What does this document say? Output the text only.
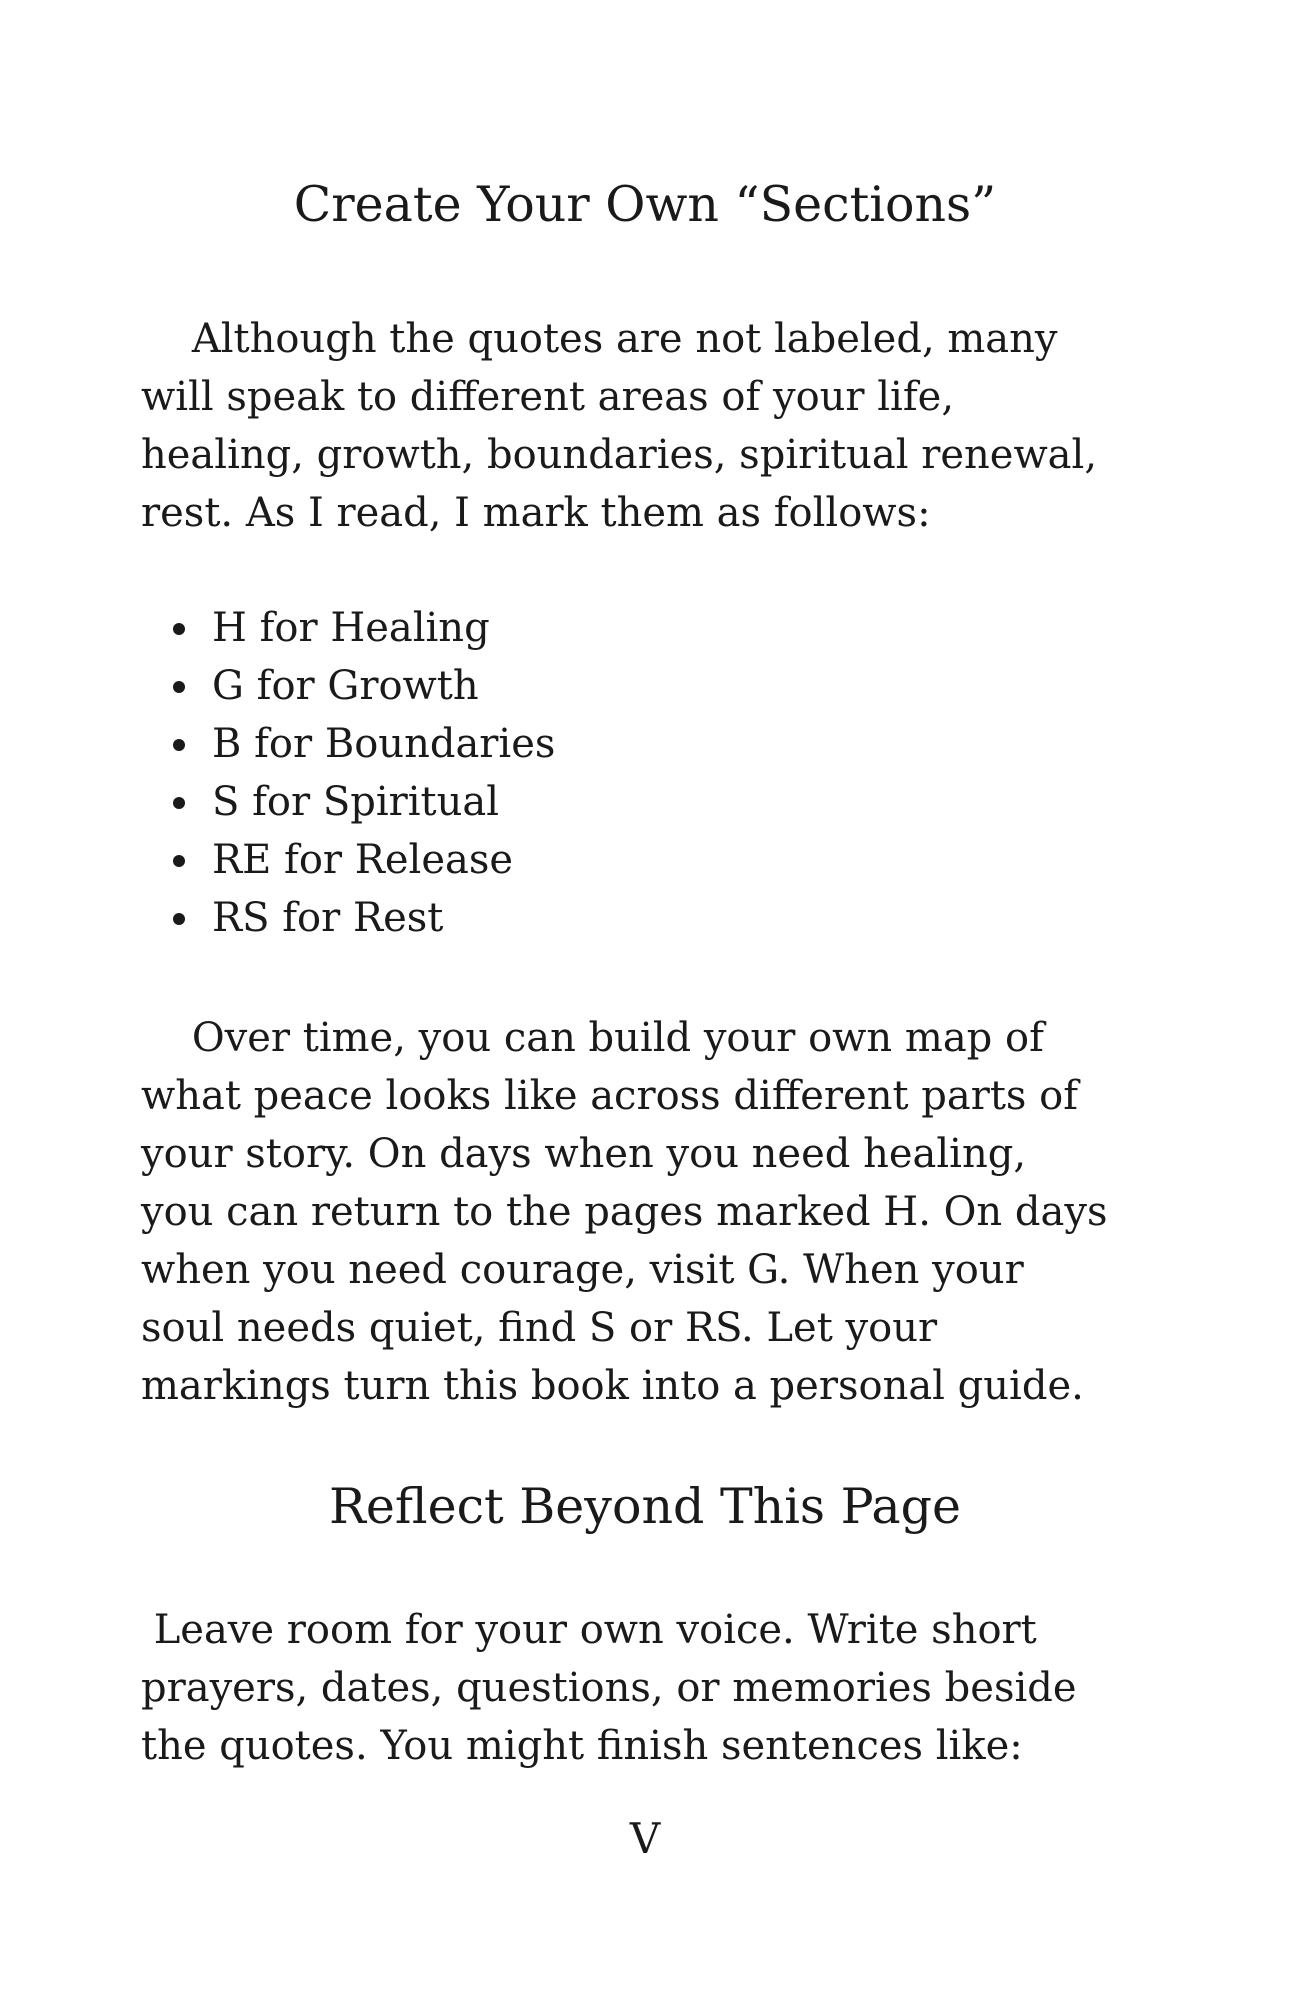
Create Your Own “Sections”

Although the quotes are not labeled, many
will speak to different areas of your life,
healing, growth, boundaries, spiritual renewal,
rest. As I read, I mark them as follows:

H for Healing
G for Growth
B for Boundaries
S for Spiritual
RE for Release
RS for Rest

Over time, you can build your own map of
what peace looks like across different parts of
your story. On days when you need healing,
you can return to the pages marked H. On days
when you need courage, visit G. When your
soul needs quiet, find S or RS. Let your
markings turn this book into a personal guide.

Reflect Beyond This Page

Leave room for your own voice. Write short
prayers, dates, questions, or memories beside
the quotes. You might finish sentences like:

V
